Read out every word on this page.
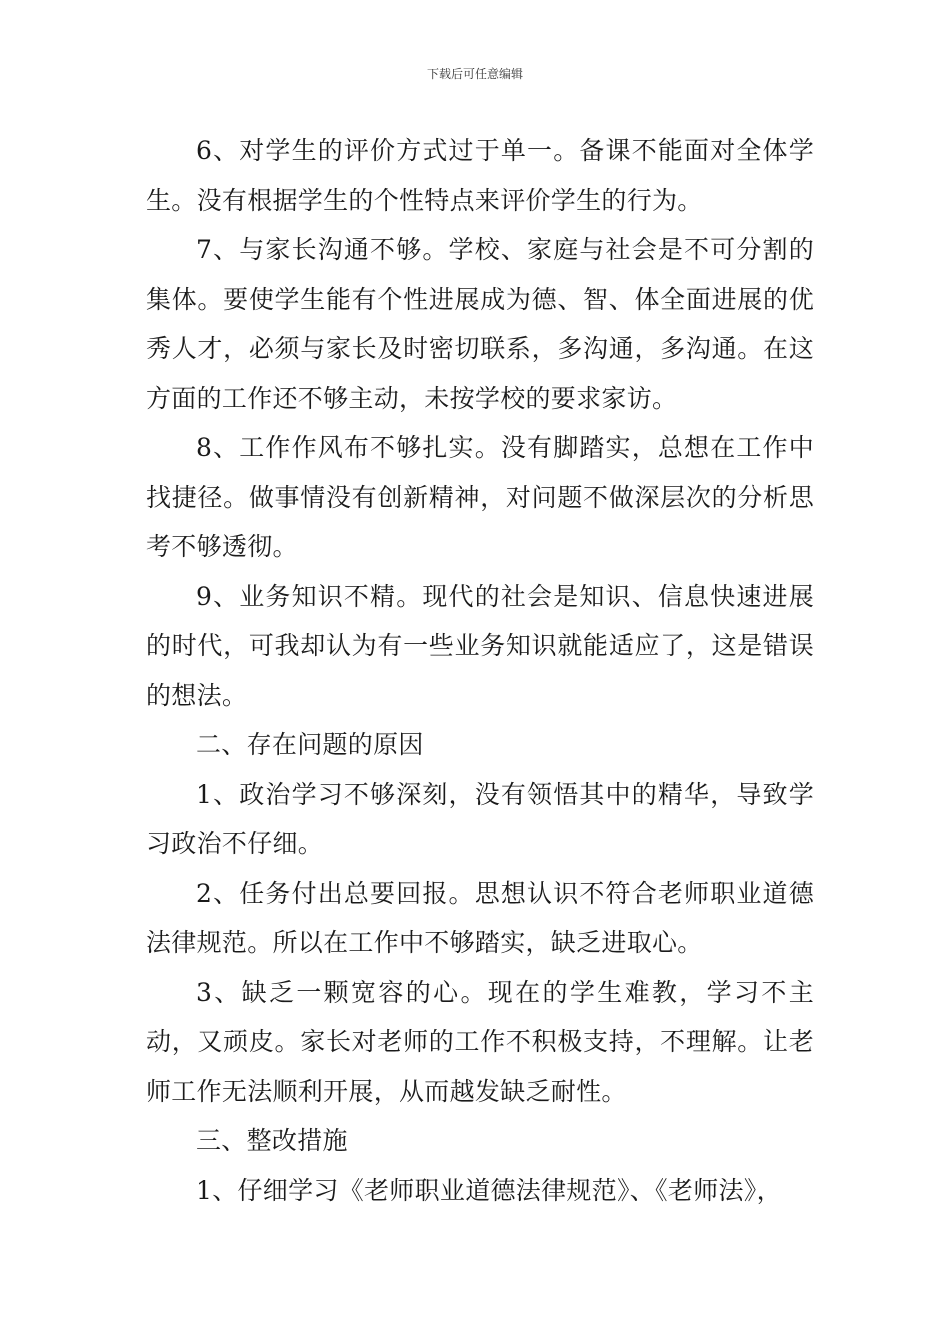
下载后可任意编辑

6、对学生的评价方式过于单一。备课不能面对全体学生。没有根据学生的个性特点来评价学生的行为。

7、与家长沟通不够。学校、家庭与社会是不可分割的集体。要使学生能有个性进展成为德、智、体全面进展的优秀人才，必须与家长及时密切联系，多沟通，多沟通。在这方面的工作还不够主动，未按学校的要求家访。

8、工作作风布不够扎实。没有脚踏实，总想在工作中找捷径。做事情没有创新精神，对问题不做深层次的分析思考不够透彻。

9、业务知识不精。现代的社会是知识、信息快速进展的时代，可我却认为有一些业务知识就能适应了，这是错误的想法。

二、存在问题的原因

1、政治学习不够深刻，没有领悟其中的精华，导致学习政治不仔细。

2、任务付出总要回报。思想认识不符合老师职业道德法律规范。所以在工作中不够踏实，缺乏进取心。

3、缺乏一颗宽容的心。现在的学生难教，学习不主动，又顽皮。家长对老师的工作不积极支持，不理解。让老师工作无法顺利开展，从而越发缺乏耐性。

三、整改措施

1、仔细学习《老师职业道德法律规范》、《老师法》，
